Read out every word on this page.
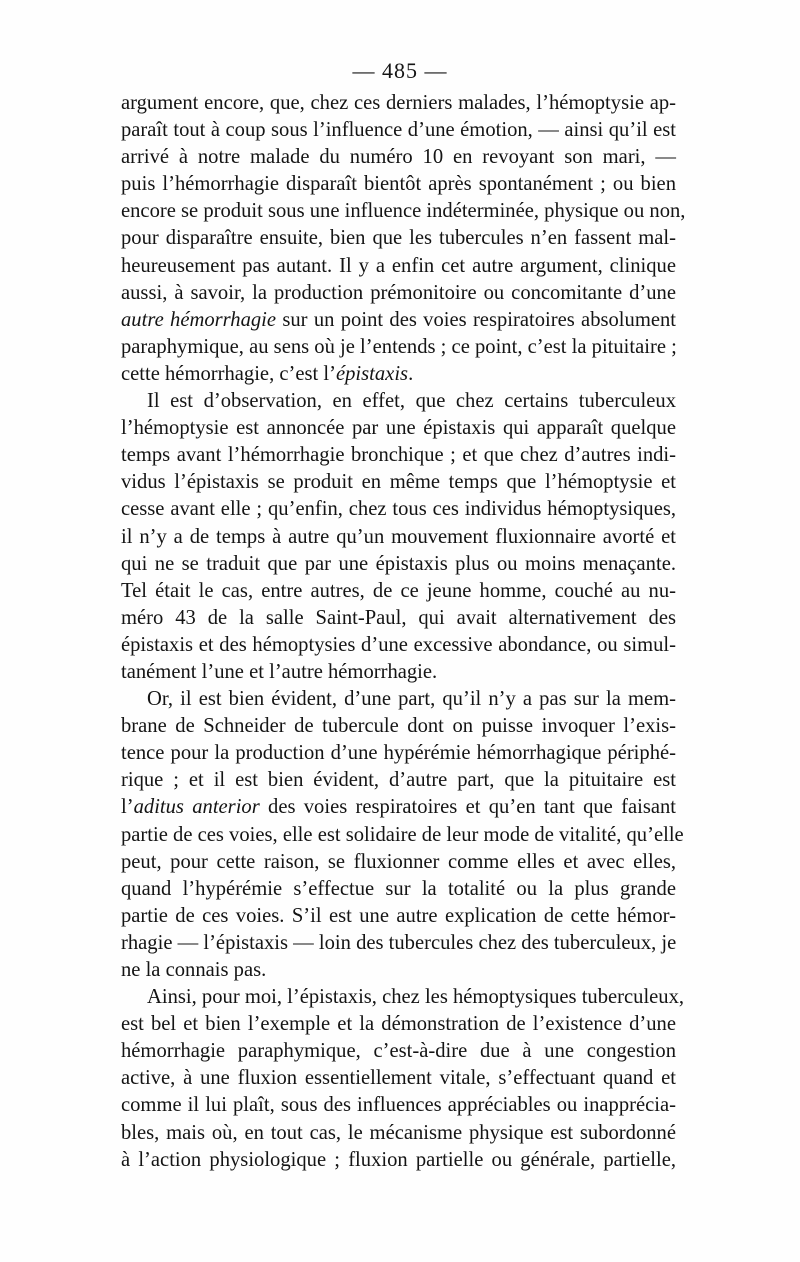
— 485 —
argument encore, que, chez ces derniers malades, l’hémoptysie ap-
paraît tout à coup sous l’influence d’une émotion, — ainsi qu’il est
arrivé à notre malade du numéro 10 en revoyant son mari, —
puis l’hémorrhagie disparaît bientôt après spontanément ; ou bien
encore se produit sous une influence indéterminée, physique ou non,
pour disparaître ensuite, bien que les tubercules n’en fassent mal-
heureusement pas autant. Il y a enfin cet autre argument, clinique
aussi, à savoir, la production prémonitoire ou concomitante d’une
autre hémorrhagie sur un point des voies respiratoires absolument
paraphymique, au sens où je l’entends ; ce point, c’est la pituitaire ;
cette hémorrhagie, c’est l’épistaxis.
Il est d’observation, en effet, que chez certains tuberculeux
l’hémoptysie est annoncée par une épistaxis qui apparaît quelque
temps avant l’hémorrhagie bronchique ; et que chez d’autres indi-
vidus l’épistaxis se produit en même temps que l’hémoptysie et
cesse avant elle ; qu’enfin, chez tous ces individus hémoptysiques,
il n’y a de temps à autre qu’un mouvement fluxionnaire avorté et
qui ne se traduit que par une épistaxis plus ou moins menaçante.
Tel était le cas, entre autres, de ce jeune homme, couché au nu-
méro 43 de la salle Saint-Paul, qui avait alternativement des
épistaxis et des hémoptysies d’une excessive abondance, ou simul-
tanément l’une et l’autre hémorrhagie.
Or, il est bien évident, d’une part, qu’il n’y a pas sur la mem-
brane de Schneider de tubercule dont on puisse invoquer l’exis-
tence pour la production d’une hypérémie hémorrhagique périphé-
rique ; et il est bien évident, d’autre part, que la pituitaire est
l’aditus anterior des voies respiratoires et qu’en tant que faisant
partie de ces voies, elle est solidaire de leur mode de vitalité, qu’elle
peut, pour cette raison, se fluxionner comme elles et avec elles,
quand l’hypérémie s’effectue sur la totalité ou la plus grande
partie de ces voies. S’il est une autre explication de cette hémor-
rhagie — l’épistaxis — loin des tubercules chez des tuberculeux, je
ne la connais pas.
Ainsi, pour moi, l’épistaxis, chez les hémoptysiques tuberculeux,
est bel et bien l’exemple et la démonstration de l’existence d’une
hémorrhagie paraphymique, c’est-à-dire due à une congestion
active, à une fluxion essentiellement vitale, s’effectuant quand et
comme il lui plaît, sous des influences appréciables ou inapprécia-
bles, mais où, en tout cas, le mécanisme physique est subordonné
à l’action physiologique ; fluxion partielle ou générale, partielle,
